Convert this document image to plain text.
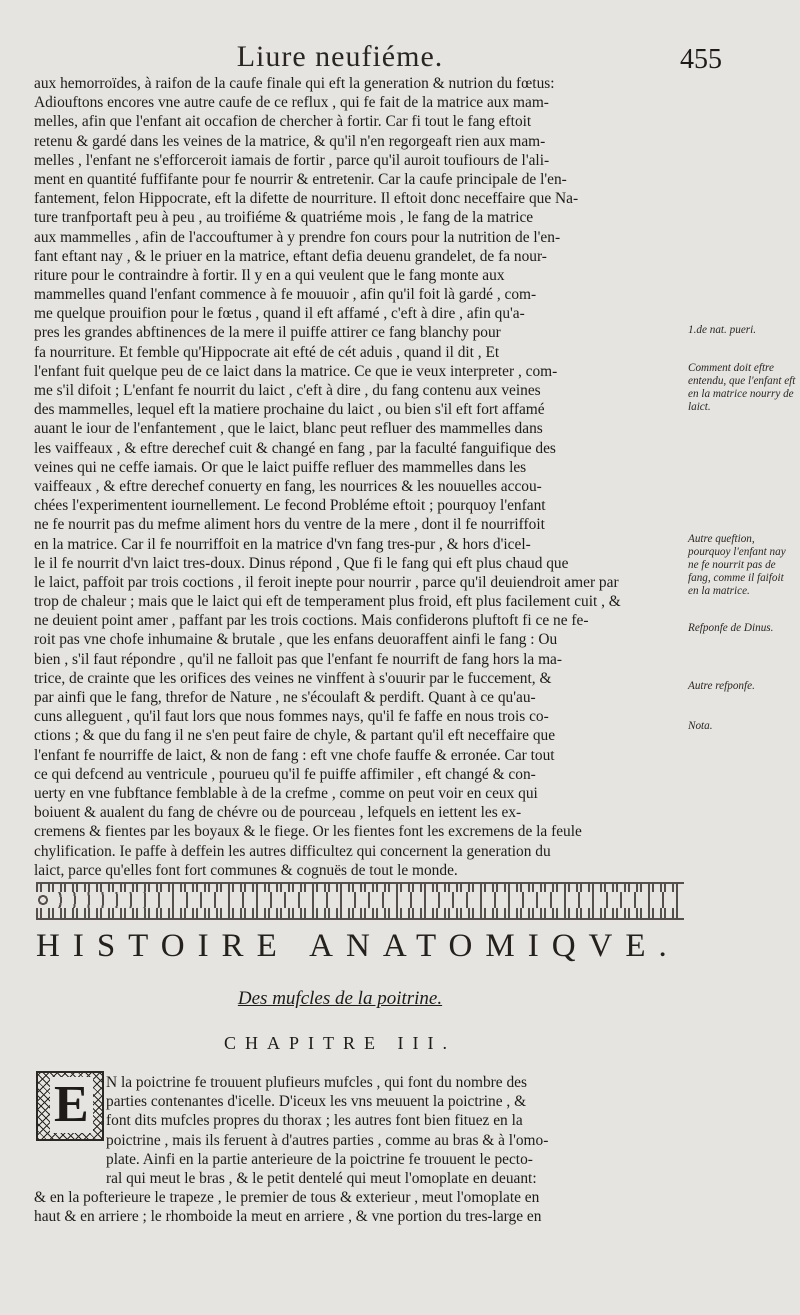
Liure neufiéme.	455
aux hemorroïdes, à raifon de la caufe finale qui eft la generation & nutrion du fœtus:
Adiouftons encores vne autre caufe de ce reflux , qui fe fait de la matrice aux mam-
melles, afin que l'enfant ait occafion de chercher à fortir. Car fi tout le fang eftoit
retenu & gardé dans les veines de la matrice, & qu'il n'en regorgeaft rien aux mam-
melles , l'enfant ne s'efforceroit iamais de fortir , parce qu'il auroit toufiours de l'ali-
ment en quantité fuffifante pour fe nourrir & entretenir. Car la caufe principale de l'en-
fantement, felon Hippocrate, eft la difette de nourriture. Il eftoit donc neceffaire que Na-
ture tranfportaft peu à peu , au troifiéme & quatriéme mois , le fang de la matrice
aux mammelles , afin de l'accouftumer à y prendre fon cours pour la nutrition de l'en-
fant eftant nay , & le priuer en la matrice, eftant defia deuenu grandelet, de fa nour-
riture pour le contraindre à fortir. Il y en a qui veulent que le fang monte aux
mammelles quand l'enfant commence à fe mouuoir , afin qu'il foit là gardé , com-
me quelque prouifion pour le fœtus , quand il eft affamé , c'eft à dire , afin qu'a-
pres les grandes abftinences de la mere il puiffe attirer ce fang blanchy pour
fa nourriture. Et femble qu'Hippocrate ait efté de cét aduis , quand il dit , Et
l'enfant fuit quelque peu de ce laict dans la matrice. Ce que ie veux interpreter , com-
me s'il difoit ; L'enfant fe nourrit du laict , c'eft à dire , du fang contenu aux veines
des mammelles, lequel eft la matiere prochaine du laict , ou bien s'il eft fort affamé
auant le iour de l'enfantement , que le laict, blanc peut refluer des mammelles dans
les vaiffeaux , & eftre derechef cuit & changé en fang , par la faculté fanguifique des
veines qui ne ceffe iamais. Or que le laict puiffe refluer des mammelles dans les
vaiffeaux , & eftre derechef conuerty en fang, les nourrices & les nouuelles accou-
chées l'experimentent iournellement. Le fecond Probléme eftoit ; pourquoy l'enfant
ne fe nourrit pas du mefme aliment hors du ventre de la mere , dont il fe nourriffoit
en la matrice. Car il fe nourriffoit en la matrice d'vn fang tres-pur , & hors d'icel-
le il fe nourrit d'vn laict tres-doux. Dinus répond , Que fi le fang qui eft plus chaud que
le laict, paffoit par trois coctions , il feroit inepte pour nourrir , parce qu'il deuiendroit amer par
trop de chaleur ; mais que le laict qui eft de temperament plus froid, eft plus facilement cuit , &
ne deuient point amer , paffant par les trois coctions. Mais confiderons pluftoft fi ce ne fe-
roit pas vne chofe inhumaine & brutale , que les enfans deuoraffent ainfi le fang : Ou
bien , s'il faut répondre , qu'il ne falloit pas que l'enfant fe nourrift de fang hors la ma-
trice, de crainte que les orifices des veines ne vinffent à s'ouurir par le fuccement, &
par ainfi que le fang, threfor de Nature , ne s'écoulaft & perdift. Quant à ce qu'au-
cuns alleguent , qu'il faut lors que nous fommes nays, qu'il fe faffe en nous trois co-
ctions ; & que du fang il ne s'en peut faire de chyle, & partant qu'il eft neceffaire que
l'enfant fe nourriffe de laict, & non de fang : eft vne chofe fauffe & erronée. Car tout
ce qui defcend au ventricule , pourueu qu'il fe puiffe affimiler , eft changé & con-
uerty en vne fubftance femblable à de la crefme , comme on peut voir en ceux qui
boiuent & aualent du fang de chévre ou de pourceau , lefquels en iettent les ex-
cremens & fientes par les boyaux & le fiege. Or les fientes font les excremens de la feule
chylification. Ie paffe à deffein les autres difficultez qui concernent la generation du
laict, parce qu'elles font fort communes & cognuës de tout le monde.
1.de nat. pueri.
Comment doit eftre entendu, que l'enfant eft en la matrice nourry de laict.
Autre queftion, pourquoy l'enfant nay ne fe nourrit pas de fang, comme il faifoit en la matrice.
Refponfe de Dinus.
Autre refponfe.
Nota.
HISTOIRE ANATOMIQVE.
Des mufcles de la poitrine.
CHAPITRE III.
N la poictrine fe trouuent plufieurs mufcles , qui font du nombre des
parties contenantes d'icelle. D'iceux les vns meuuent la poictrine , &
font dits mufcles propres du thorax ; les autres font bien fituez en la
poictrine , mais ils feruent à d'autres parties , comme au bras & à l'omo-
plate. Ainfi en la partie anterieure de la poictrine fe trouuent le pecto-
ral qui meut le bras , & le petit dentelé qui meut l'omoplate en deuant:
& en la pofterieure le trapeze , le premier de tous & exterieur , meut l'omoplate en
haut & en arriere ; le rhomboide la meut en arriere , & vne portion du tres-large en
E
